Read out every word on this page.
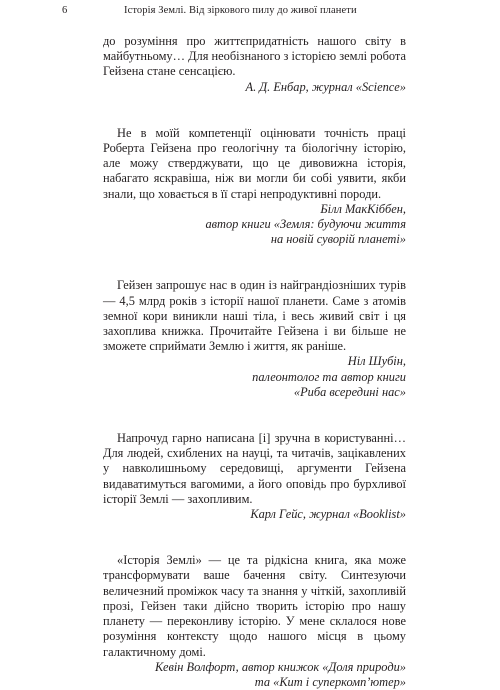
6	Історія Землі. Від зіркового пилу до живої планети

до розуміння про життєпридатність нашого світу в майбутньому… Для необізнаного з історією землі робота Гейзена стане сенсацією.

А. Д. Енбар, журнал «Science»

Не в моїй компетенції оцінювати точність праці Роберта Гейзена про геологічну та біологічну історію, але можу стверджувати, що це дивовижна історія, набагато яскравіша, ніж ви могли би собі уявити, якби знали, що ховається в її старі непродуктивні породи.

Білл МакКіббен,

автор книги «Земля: будуючи життя

на новій суворій планеті»

Гейзен запрошує нас в один із найграндіозніших турів — 4,5 млрд років з історії нашої планети. Саме з атомів земної кори виникли наші тіла, і весь живий світ і ця захоплива книжка. Прочитайте Гейзена і ви більше не зможете сприймати Землю і життя, як раніше.

Ніл Шубін,

палеонтолог та автор книги

«Риба всередині нас»

Напрочуд гарно написана [і] зручна в користуванні… Для людей, схиблених на науці, та читачів, зацікавлених у навколишньому середовищі, аргументи Гейзена видаватимуться вагомими, а його оповідь про бурхливої історії Землі — захопливим.

Карл Гейс, журнал «Booklist»

«Історія Землі» — це та рідкісна книга, яка може трансформувати ваше бачення світу. Синтезуючи величезний проміжок часу та знання у чіткій, захопливій прозі, Гейзен таки дійсно творить історію про нашу планету — переконливу історію. У мене склалося нове розуміння контексту щодо нашого місця в цьому галактичному домі.

Кевін Волфорт, автор книжок «Доля природи»

та «Кит і суперкомп’ютер»
